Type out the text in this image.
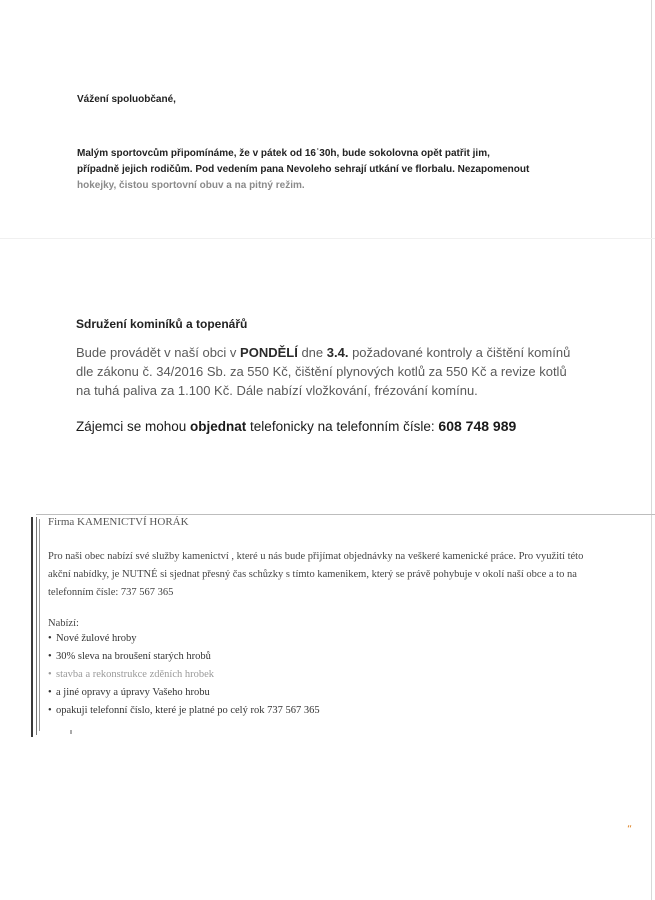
Vážení spoluobčané,

Malým sportovcům připomínáme, že v pátek od 16˙30h, bude sokolovna opět patřit jim,

případně jejich rodičům. Pod vedením pana Nevoleho sehrají utkání ve florbalu. Nezapomenout

hokejky, čistou sportovní obuv a na pitný režim.

Sdružení kominíků a topenářů

Bude provádět v naší obci v PONDĚLÍ dne 3.4. požadované kontroly a čištění komínů dle zákonu č. 34/2016 Sb. za 550 Kč, čištění plynových kotlů za 550 Kč a revize kotlů na tuhá paliva za 1.100 Kč. Dále nabízí vložkování, frézování komínu.

Zájemci se mohou objednat telefonicky na telefonním čísle: 608 748 989

Firma KAMENICTVÍ HORÁK

Pro naši obec nabízí své služby kamenictví , které u nás bude přijímat objednávky na veškeré kamenické práce. Pro využití této akční nabídky, je NUTNÉ si sjednat přesný čas schůzky s tímto kamenikem, který se právě pohybuje v okolí naší obce a to na telefonním čísle: 737 567 365

Nabízí:

• Nové žulové hroby
• 30% sleva na broušení starých hrobů
• stavba a rekonstrukce zděních hrobek
• a jiné opravy a úpravy Vašeho hrobu
• opakuji telefonní číslo, které je platné po celý rok 737 567 365
“
